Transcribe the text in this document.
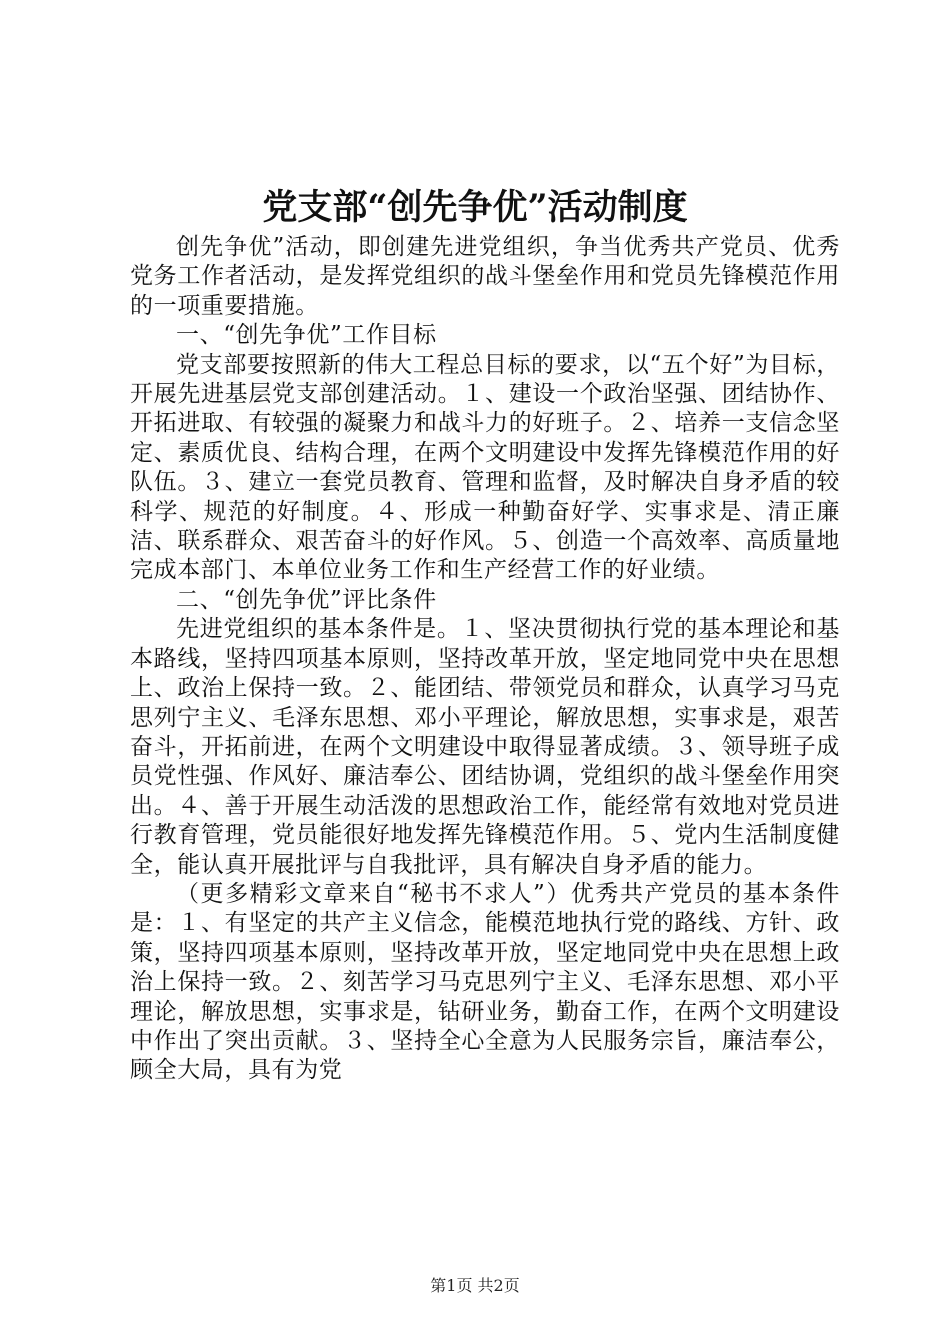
党支部“创先争优”活动制度

创先争优”活动，即创建先进党组织，争当优秀共产党员、优秀党务工作者活动，是发挥党组织的战斗堡垒作用和党员先锋模范作用的一项重要措施。

一、“创先争优”工作目标

党支部要按照新的伟大工程总目标的要求，以“五个好”为目标，开展先进基层党支部创建活动。１、建设一个政治坚强、团结协作、开拓进取、有较强的凝聚力和战斗力的好班子。２、培养一支信念坚定、素质优良、结构合理，在两个文明建设中发挥先锋模范作用的好队伍。３、建立一套党员教育、管理和监督，及时解决自身矛盾的较科学、规范的好制度。４、形成一种勤奋好学、实事求是、清正廉洁、联系群众、艰苦奋斗的好作风。５、创造一个高效率、高质量地完成本部门、本单位业务工作和生产经营工作的好业绩。

二、“创先争优”评比条件

先进党组织的基本条件是。１、坚决贯彻执行党的基本理论和基本路线，坚持四项基本原则，坚持改革开放，坚定地同党中央在思想上、政治上保持一致。２、能团结、带领党员和群众，认真学习马克思列宁主义、毛泽东思想、邓小平理论，解放思想，实事求是，艰苦奋斗，开拓前进，在两个文明建设中取得显著成绩。３、领导班子成员党性强、作风好、廉洁奉公、团结协调，党组织的战斗堡垒作用突出。４、善于开展生动活泼的思想政治工作，能经常有效地对党员进行教育管理，党员能很好地发挥先锋模范作用。５、党内生活制度健全，能认真开展批评与自我批评，具有解决自身矛盾的能力。

（更多精彩文章来自“秘书不求人”）优秀共产党员的基本条件是：１、有坚定的共产主义信念，能模范地执行党的路线、方针、政策，坚持四项基本原则，坚持改革开放，坚定地同党中央在思想上政治上保持一致。２、刻苦学习马克思列宁主义、毛泽东思想、邓小平理论，解放思想，实事求是，钻研业务，勤奋工作，在两个文明建设中作出了突出贡献。３、坚持全心全意为人民服务宗旨，廉洁奉公，顾全大局，具有为党

第1页 共2页
